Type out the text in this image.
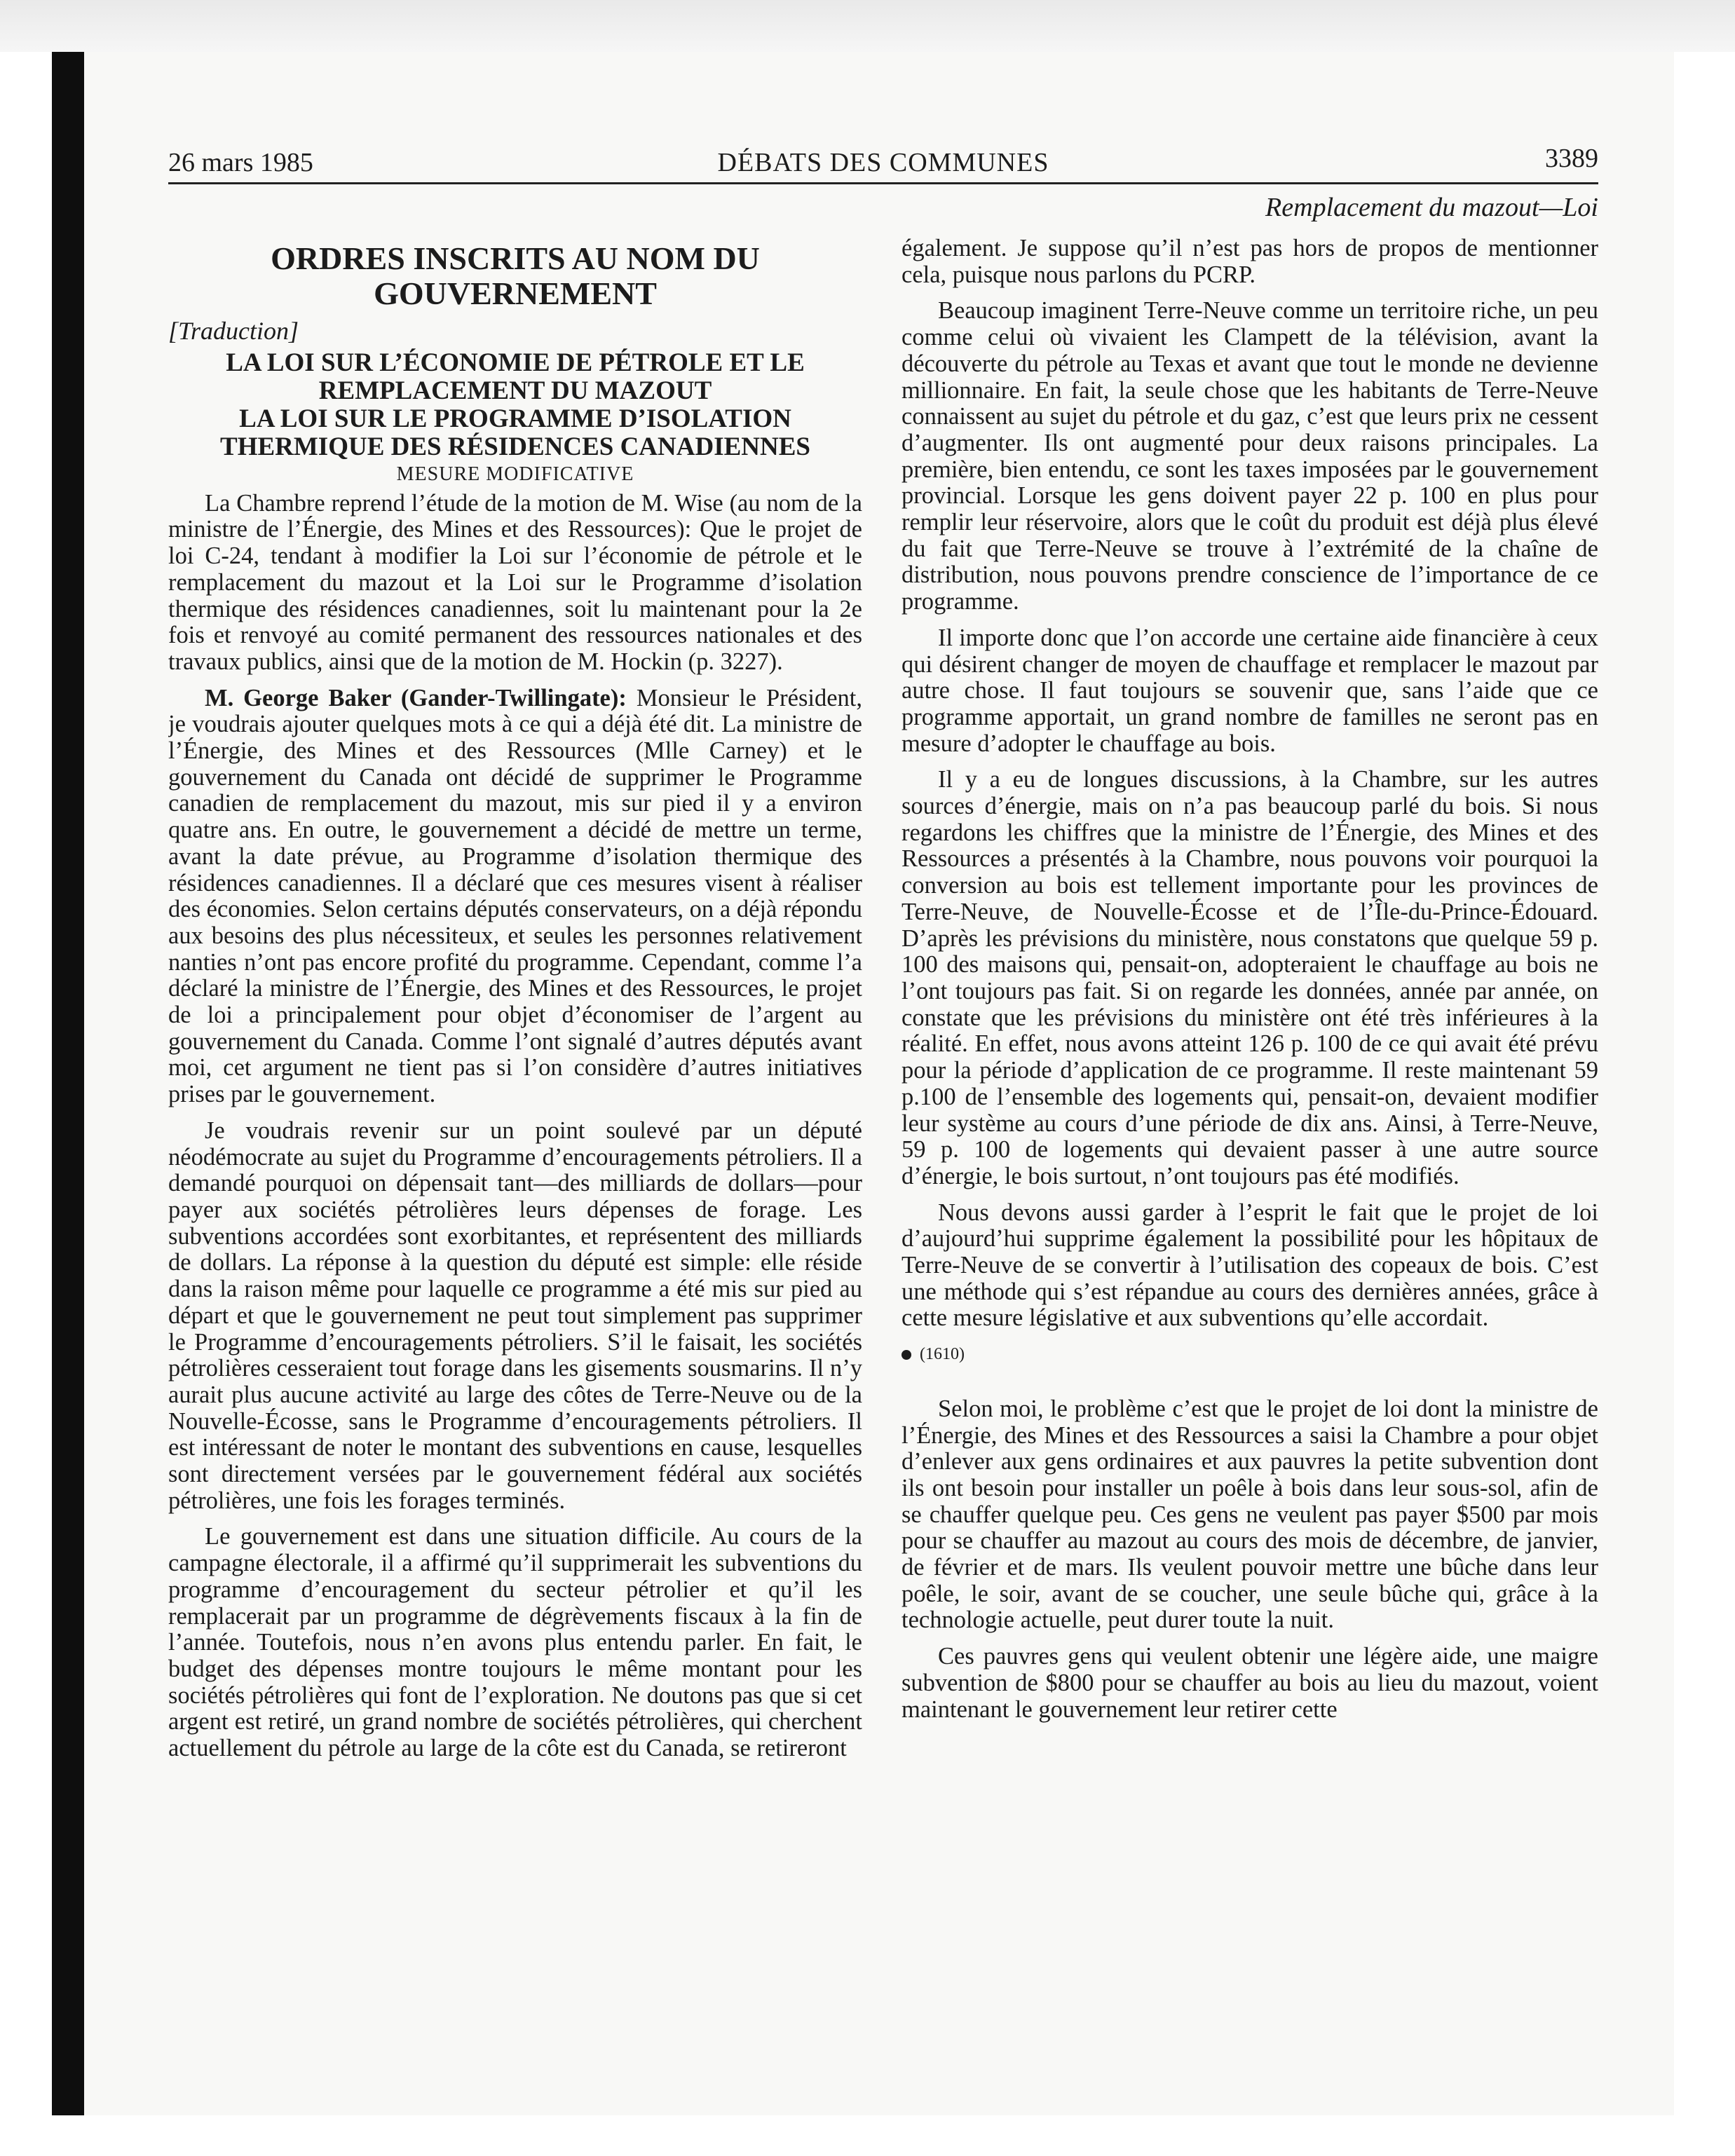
26 mars 1985	DÉBATS DES COMMUNES	3389
Remplacement du mazout—Loi
ORDRES INSCRITS AU NOM DU GOUVERNEMENT
[Traduction]
LA LOI SUR L’ÉCONOMIE DE PÉTROLE ET LE REMPLACEMENT DU MAZOUT
LA LOI SUR LE PROGRAMME D’ISOLATION THERMIQUE DES RÉSIDENCES CANADIENNES
MESURE MODIFICATIVE

La Chambre reprend l’étude de la motion de M. Wise (au nom de la ministre de l’Énergie, des Mines et des Ressources): Que le projet de loi C-24, tendant à modifier la Loi sur l’économie de pétrole et le remplacement du mazout et la Loi sur le Programme d’isolation thermique des résidences canadiennes, soit lu maintenant pour la 2e fois et renvoyé au comité permanent des ressources nationales et des travaux publics, ainsi que de la motion de M. Hockin (p. 3227).

M. George Baker (Gander-Twillingate): Monsieur le Président, je voudrais ajouter quelques mots à ce qui a déjà été dit. La ministre de l’Énergie, des Mines et des Ressources (Mlle Carney) et le gouvernement du Canada ont décidé de supprimer le Programme canadien de remplacement du mazout, mis sur pied il y a environ quatre ans. En outre, le gouvernement a décidé de mettre un terme, avant la date prévue, au Programme d’isolation thermique des résidences canadiennes. Il a déclaré que ces mesures visent à réaliser des économies. Selon certains députés conservateurs, on a déjà répondu aux besoins des plus nécessiteux, et seules les personnes relativement nanties n’ont pas encore profité du programme. Cependant, comme l’a déclaré la ministre de l’Énergie, des Mines et des Ressources, le projet de loi a principalement pour objet d’économiser de l’argent au gouvernement du Canada. Comme l’ont signalé d’autres députés avant moi, cet argument ne tient pas si l’on considère d’autres initiatives prises par le gouvernement.

Je voudrais revenir sur un point soulevé par un député néodémocrate au sujet du Programme d’encouragements pétroliers. Il a demandé pourquoi on dépensait tant—des milliards de dollars—pour payer aux sociétés pétrolières leurs dépenses de forage. Les subventions accordées sont exorbitantes, et représentent des milliards de dollars. La réponse à la question du député est simple: elle réside dans la raison même pour laquelle ce programme a été mis sur pied au départ et que le gouvernement ne peut tout simplement pas supprimer le Programme d’encouragements pétroliers. S’il le faisait, les sociétés pétrolières cesseraient tout forage dans les gisements sousmarins. Il n’y aurait plus aucune activité au large des côtes de Terre-Neuve ou de la Nouvelle-Écosse, sans le Programme d’encouragements pétroliers. Il est intéressant de noter le montant des subventions en cause, lesquelles sont directement versées par le gouvernement fédéral aux sociétés pétrolières, une fois les forages terminés.

Le gouvernement est dans une situation difficile. Au cours de la campagne électorale, il a affirmé qu’il supprimerait les subventions du programme d’encouragement du secteur pétrolier et qu’il les remplacerait par un programme de dégrèvements fiscaux à la fin de l’année. Toutefois, nous n’en avons plus entendu parler. En fait, le budget des dépenses montre toujours le même montant pour les sociétés pétrolières qui font de l’exploration. Ne doutons pas que si cet argent est retiré, un grand nombre de sociétés pétrolières, qui cherchent actuellement du pétrole au large de la côte est du Canada, se retireront

également. Je suppose qu’il n’est pas hors de propos de mentionner cela, puisque nous parlons du PCRP.

Beaucoup imaginent Terre-Neuve comme un territoire riche, un peu comme celui où vivaient les Clampett de la télévision, avant la découverte du pétrole au Texas et avant que tout le monde ne devienne millionnaire. En fait, la seule chose que les habitants de Terre-Neuve connaissent au sujet du pétrole et du gaz, c’est que leurs prix ne cessent d’augmenter. Ils ont augmenté pour deux raisons principales. La première, bien entendu, ce sont les taxes imposées par le gouvernement provincial. Lorsque les gens doivent payer 22 p. 100 en plus pour remplir leur réservoire, alors que le coût du produit est déjà plus élevé du fait que Terre-Neuve se trouve à l’extrémité de la chaîne de distribution, nous pouvons prendre conscience de l’importance de ce programme.

Il importe donc que l’on accorde une certaine aide financière à ceux qui désirent changer de moyen de chauffage et remplacer le mazout par autre chose. Il faut toujours se souvenir que, sans l’aide que ce programme apportait, un grand nombre de familles ne seront pas en mesure d’adopter le chauffage au bois.

Il y a eu de longues discussions, à la Chambre, sur les autres sources d’énergie, mais on n’a pas beaucoup parlé du bois. Si nous regardons les chiffres que la ministre de l’Énergie, des Mines et des Ressources a présentés à la Chambre, nous pouvons voir pourquoi la conversion au bois est tellement importante pour les provinces de Terre-Neuve, de Nouvelle-Écosse et de l’Île-du-Prince-Édouard. D’après les prévisions du ministère, nous constatons que quelque 59 p. 100 des maisons qui, pensait-on, adopteraient le chauffage au bois ne l’ont toujours pas fait. Si on regarde les données, année par année, on constate que les prévisions du ministère ont été très inférieures à la réalité. En effet, nous avons atteint 126 p. 100 de ce qui avait été prévu pour la période d’application de ce programme. Il reste maintenant 59 p.100 de l’ensemble des logements qui, pensait-on, devaient modifier leur système au cours d’une période de dix ans. Ainsi, à Terre-Neuve, 59 p. 100 de logements qui devaient passer à une autre source d’énergie, le bois surtout, n’ont toujours pas été modifiés.

Nous devons aussi garder à l’esprit le fait que le projet de loi d’aujourd’hui supprime également la possibilité pour les hôpitaux de Terre-Neuve de se convertir à l’utilisation des copeaux de bois. C’est une méthode qui s’est répandue au cours des dernières années, grâce à cette mesure législative et aux subventions qu’elle accordait.

(1610)

Selon moi, le problème c’est que le projet de loi dont la ministre de l’Énergie, des Mines et des Ressources a saisi la Chambre a pour objet d’enlever aux gens ordinaires et aux pauvres la petite subvention dont ils ont besoin pour installer un poêle à bois dans leur sous-sol, afin de se chauffer quelque peu. Ces gens ne veulent pas payer $500 par mois pour se chauffer au mazout au cours des mois de décembre, de janvier, de février et de mars. Ils veulent pouvoir mettre une bûche dans leur poêle, le soir, avant de se coucher, une seule bûche qui, grâce à la technologie actuelle, peut durer toute la nuit.

Ces pauvres gens qui veulent obtenir une légère aide, une maigre subvention de $800 pour se chauffer au bois au lieu du mazout, voient maintenant le gouvernement leur retirer cette
